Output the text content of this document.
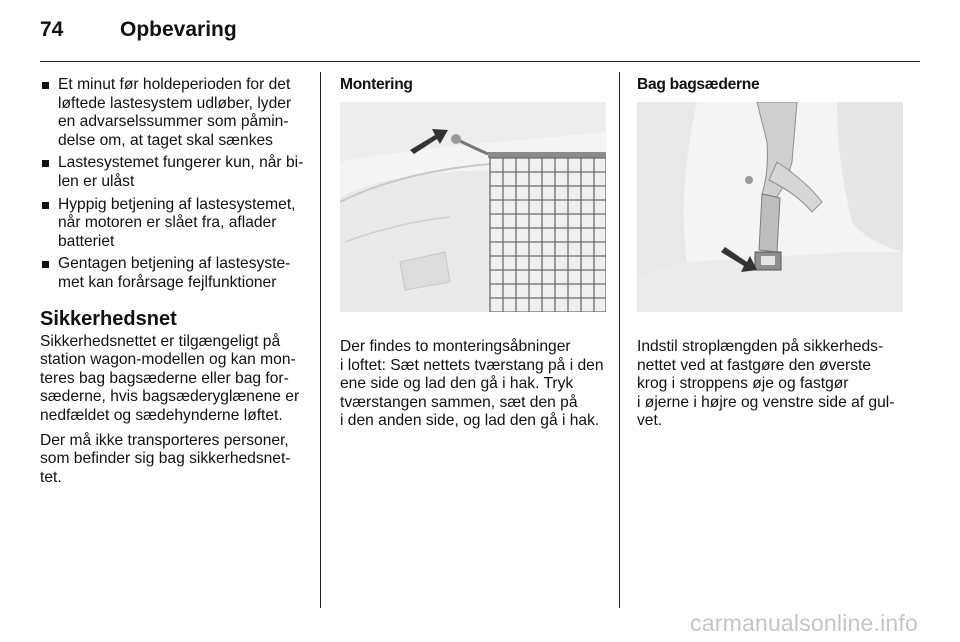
74	Opbevaring
Et minut før holdeperioden for det
løftede lastesystem udløber, lyder
en advarselssummer som påmin-
delse om, at taget skal sænkes
Lastesystemet fungerer kun, når bi-
len er ulåst
Hyppig betjening af lastesystemet,
når motoren er slået fra, aflader
batteriet
Gentagen betjening af lastesyste-
met kan forårsage fejlfunktioner
Sikkerhedsnet

Sikkerhedsnettet er tilgængeligt på
station wagon-modellen og kan mon-
teres bag bagsæderne eller bag for-
sæderne, hvis bagsæderyglænene er
nedfældet og sædehynderne løftet.

Der må ikke transporteres personer,
som befinder sig bag sikkerhedsnet-
tet.

Montering

Der findes to monteringsåbninger
i loftet: Sæt nettets tværstang på i den
ene side og lad den gå i hak. Tryk
tværstangen sammen, sæt den på
i den anden side, og lad den gå i hak.

Bag bagsæderne

Indstil stroplængden på sikkerheds-
nettet ved at fastgøre den øverste
krog i stroppens øje og fastgør
i øjerne i højre og venstre side af gul-
vet.

carmanualsonline.info
